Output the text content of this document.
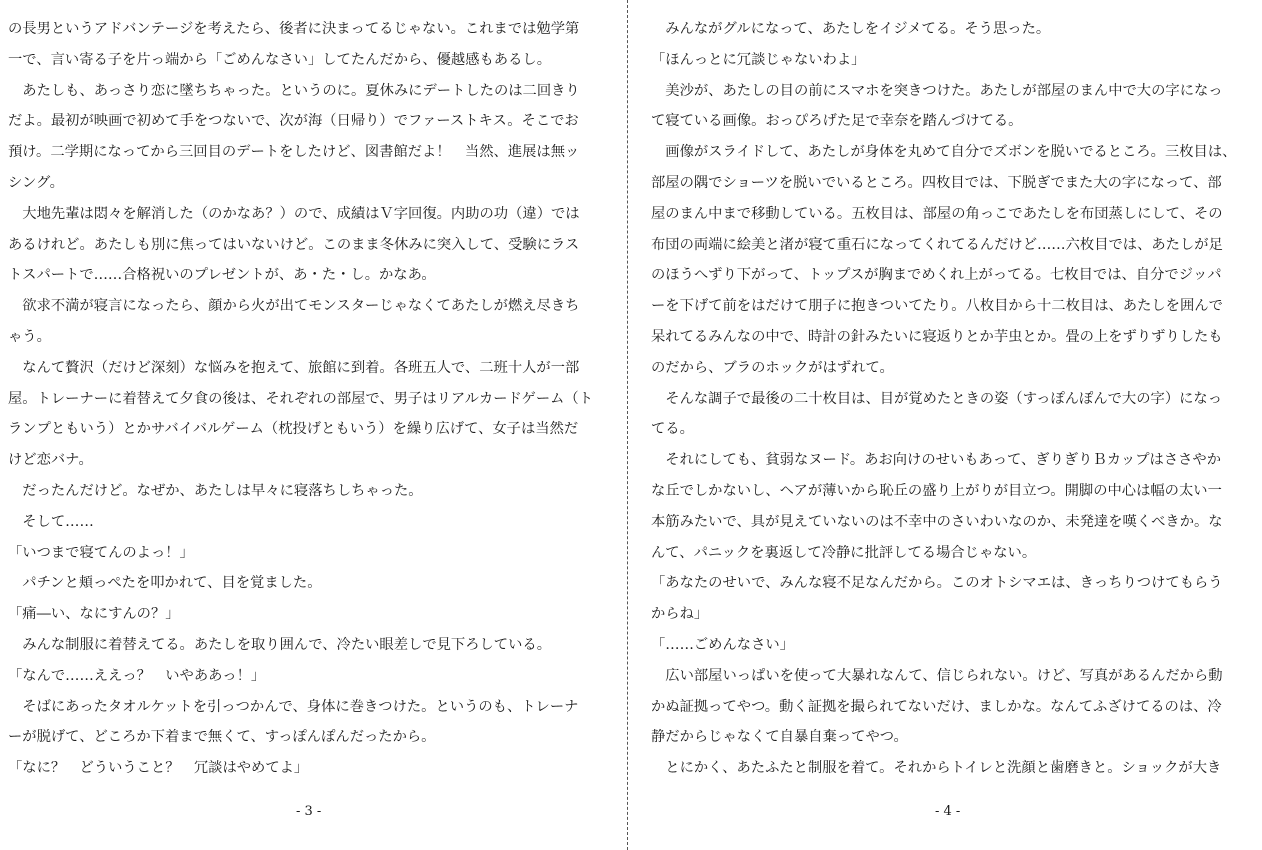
の長男というアドバンテージを考えたら、後者に決まってるじゃない。これまでは勉学第
一で、言い寄る子を片っ端から「ごめんなさい」してたんだから、優越感もあるし。
　あたしも、あっさり恋に墜ちちゃった。というのに。夏休みにデートしたのは二回きり
だよ。最初が映画で初めて手をつないで、次が海（日帰り）でファーストキス。そこでお
預け。二学期になってから三回目のデートをしたけど、図書館だよ！　当然、進展は無ッ
シング。
　大地先輩は悶々を解消した（のかなあ？）ので、成績はＶ字回復。内助の功（違）では
あるけれど。あたしも別に焦ってはいないけど。このまま冬休みに突入して、受験にラス
トスパートで……合格祝いのプレゼントが、あ・た・し。かなあ。
　欲求不満が寝言になったら、顔から火が出てモンスターじゃなくてあたしが燃え尽きち
ゃう。
　なんて贅沢（だけど深刻）な悩みを抱えて、旅館に到着。各班五人で、二班十人が一部
屋。トレーナーに着替えて夕食の後は、それぞれの部屋で、男子はリアルカードゲーム（ト
ランプともいう）とかサバイバルゲーム（枕投げともいう）を繰り広げて、女子は当然だ
けど恋バナ。
　だったんだけど。なぜか、あたしは早々に寝落ちしちゃった。
　そして……
「いつまで寝てんのよっ！」
　パチンと頬っぺたを叩かれて、目を覚ました。
「痛―い、なにすんの？」
　みんな制服に着替えてる。あたしを取り囲んで、冷たい眼差しで見下ろしている。
「なんで……ええっ？　いやああっ！」
　そばにあったタオルケットを引っつかんで、身体に巻きつけた。というのも、トレーナ
ーが脱げて、どころか下着まで無くて、すっぽんぽんだったから。
「なに？　どういうこと？　冗談はやめてよ」
- 3 -
　みんながグルになって、あたしをイジメてる。そう思った。
「ほんっとに冗談じゃないわよ」
　美沙が、あたしの目の前にスマホを突きつけた。あたしが部屋のまん中で大の字になっ
て寝ている画像。おっぴろげた足で幸奈を踏んづけてる。
　画像がスライドして、あたしが身体を丸めて自分でズボンを脱いでるところ。三枚目は、
部屋の隅でショーツを脱いでいるところ。四枚目では、下脱ぎでまた大の字になって、部
屋のまん中まで移動している。五枚目は、部屋の角っこであたしを布団蒸しにして、その
布団の両端に絵美と渚が寝て重石になってくれてるんだけど……六枚目では、あたしが足
のほうへずり下がって、トップスが胸までめくれ上がってる。七枚目では、自分でジッパ
ーを下げて前をはだけて朋子に抱きついてたり。八枚目から十二枚目は、あたしを囲んで
呆れてるみんなの中で、時計の針みたいに寝返りとか芋虫とか。畳の上をずりずりしたも
のだから、ブラのホックがはずれて。
　そんな調子で最後の二十枚目は、目が覚めたときの姿（すっぽんぽんで大の字）になっ
てる。
　それにしても、貧弱なヌード。あお向けのせいもあって、ぎりぎりＢカップはささやか
な丘でしかないし、ヘアが薄いから恥丘の盛り上がりが目立つ。開脚の中心は幅の太い一
本筋みたいで、具が見えていないのは不幸中のさいわいなのか、未発達を嘆くべきか。な
んて、パニックを裏返して冷静に批評してる場合じゃない。
「あなたのせいで、みんな寝不足なんだから。このオトシマエは、きっちりつけてもらう
からね」
「……ごめんなさい」
　広い部屋いっぱいを使って大暴れなんて、信じられない。けど、写真があるんだから動
かぬ証拠ってやつ。動く証拠を撮られてないだけ、ましかな。なんてふざけてるのは、冷
静だからじゃなくて自暴自棄ってやつ。
　とにかく、あたふたと制服を着て。それからトイレと洗顔と歯磨きと。ショックが大き
- 4 -
